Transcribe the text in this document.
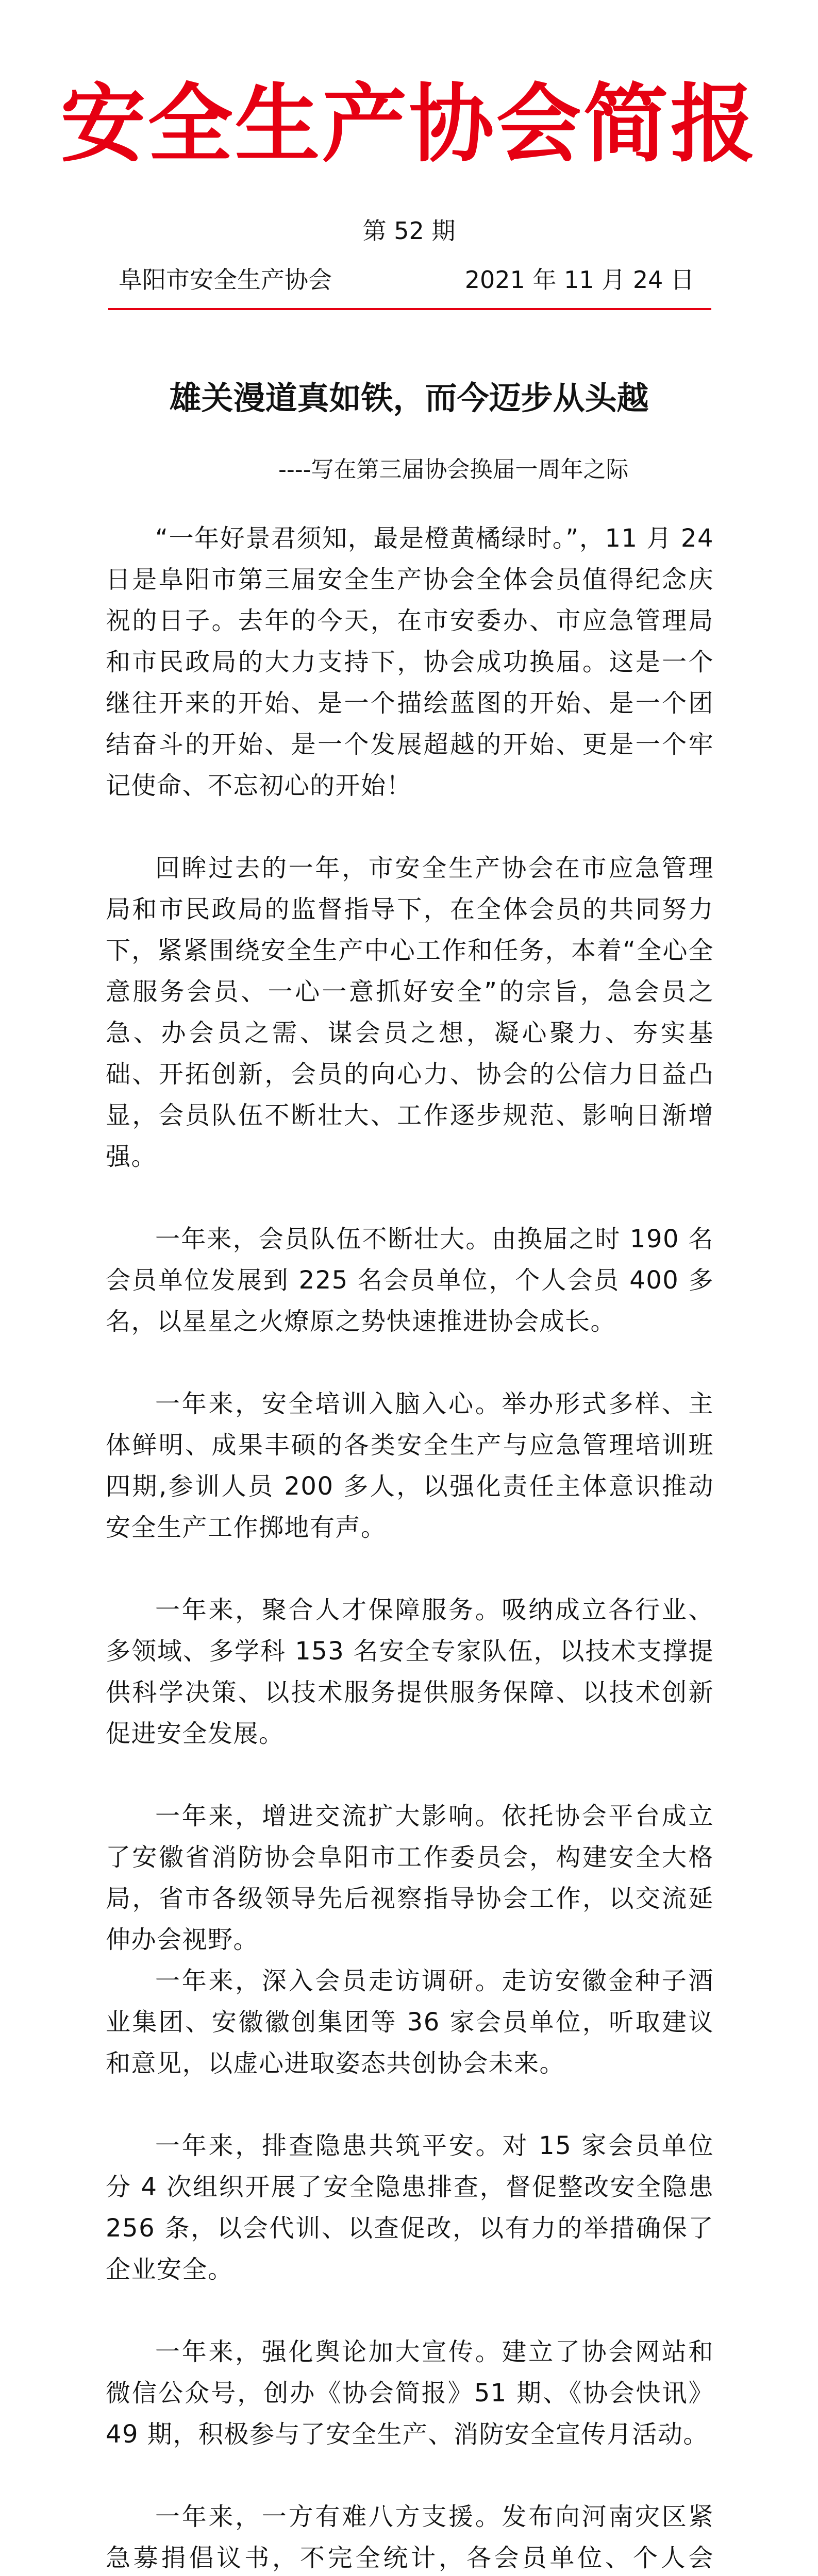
安全生产协会简报
第 52 期
阜阳市安全生产协会	2021 年 11 月 24 日
雄关漫道真如铁，而今迈步从头越
----写在第三届协会换届一周年之际

“一年好景君须知，最是橙黄橘绿时。”，11 月 24 日是阜阳市第三届安全生产协会全体会员值得纪念庆祝的日子。去年的今天，在市安委办、市应急管理局和市民政局的大力支持下，协会成功换届。这是一个继往开来的开始、是一个描绘蓝图的开始、是一个团结奋斗的开始、是一个发展超越的开始、更是一个牢记使命、不忘初心的开始！

回眸过去的一年，市安全生产协会在市应急管理局和市民政局的监督指导下，在全体会员的共同努力下，紧紧围绕安全生产中心工作和任务，本着“全心全意服务会员、一心一意抓好安全”的宗旨，急会员之急、办会员之需、谋会员之想，凝心聚力、夯实基础、开拓创新，会员的向心力、协会的公信力日益凸显，会员队伍不断壮大、工作逐步规范、影响日渐增强。

一年来，会员队伍不断壮大。由换届之时 190 名会员单位发展到 225 名会员单位，个人会员 400 多名，以星星之火燎原之势快速推进协会成长。

一年来，安全培训入脑入心。举办形式多样、主体鲜明、成果丰硕的各类安全生产与应急管理培训班四期,参训人员 200 多人，以强化责任主体意识推动安全生产工作掷地有声。

一年来，聚合人才保障服务。吸纳成立各行业、多领域、多学科 153 名安全专家队伍，以技术支撑提供科学决策、以技术服务提供服务保障、以技术创新促进安全发展。

一年来，增进交流扩大影响。依托协会平台成立了安徽省消防协会阜阳市工作委员会，构建安全大格局，省市各级领导先后视察指导协会工作，以交流延伸办会视野。

一年来，深入会员走访调研。走访安徽金种子酒业集团、安徽徽创集团等 36 家会员单位，听取建议和意见，以虚心进取姿态共创协会未来。

一年来，排查隐患共筑平安。对 15 家会员单位分 4 次组织开展了安全隐患排查，督促整改安全隐患 256 条，以会代训、以查促改，以有力的举措确保了企业安全。

一年来，强化舆论加大宣传。建立了协会网站和微信公众号，创办《协会简报》51 期、《协会快讯》49 期，积极参与了安全生产、消防安全宣传月活动。

一年来，一方有难八方支援。发布向河南灾区紧急募捐倡议书，不完全统计，各会员单位、个人会
